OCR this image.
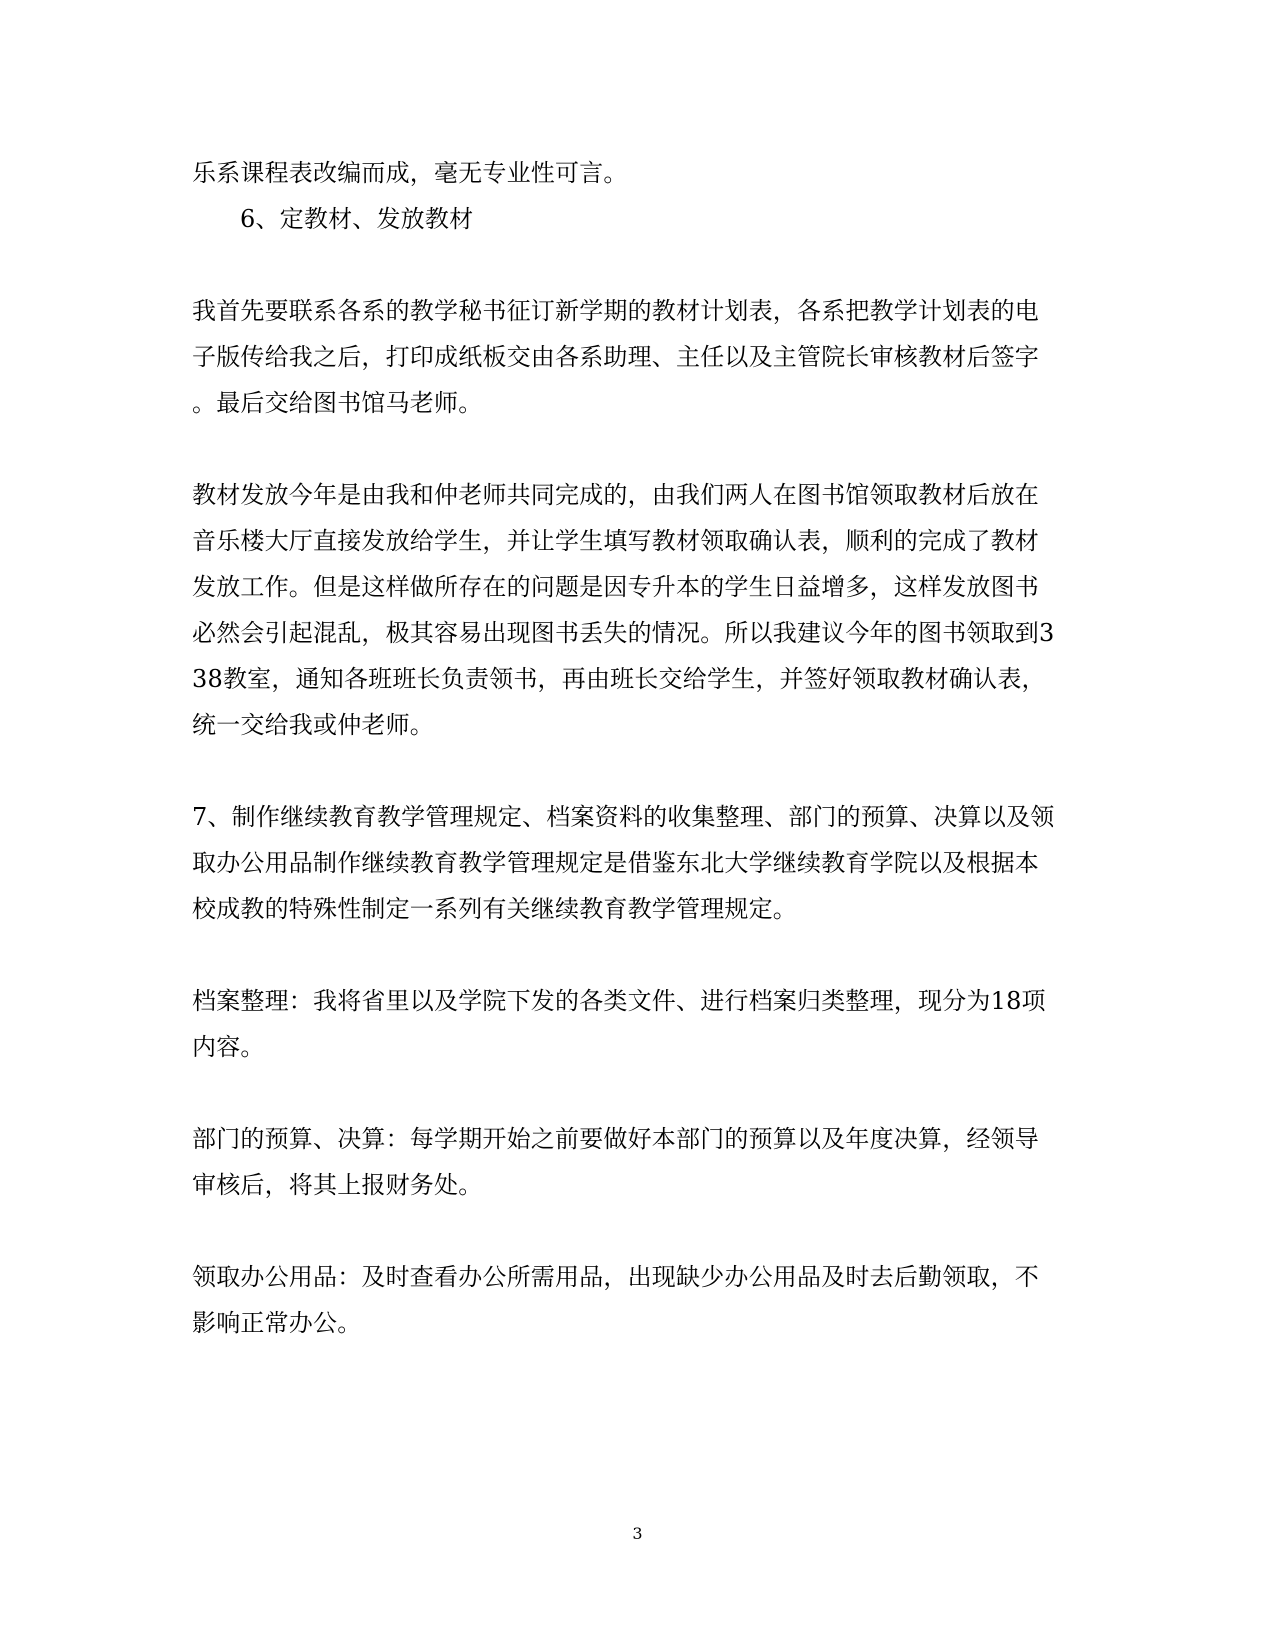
乐系课程表改编而成，毫无专业性可言。
6、定教材、发放教材
我首先要联系各系的教学秘书征订新学期的教材计划表，各系把教学计划表的电
子版传给我之后，打印成纸板交由各系助理、主任以及主管院长审核教材后签字
。最后交给图书馆马老师。
教材发放今年是由我和仲老师共同完成的，由我们两人在图书馆领取教材后放在
音乐楼大厅直接发放给学生，并让学生填写教材领取确认表，顺利的完成了教材
发放工作。但是这样做所存在的问题是因专升本的学生日益增多，这样发放图书
必然会引起混乱，极其容易出现图书丢失的情况。所以我建议今年的图书领取到3
38教室，通知各班班长负责领书，再由班长交给学生，并签好领取教材确认表，
统一交给我或仲老师。
7、制作继续教育教学管理规定、档案资料的收集整理、部门的预算、决算以及领
取办公用品制作继续教育教学管理规定是借鉴东北大学继续教育学院以及根据本
校成教的特殊性制定一系列有关继续教育教学管理规定。
档案整理：我将省里以及学院下发的各类文件、进行档案归类整理，现分为18项
内容。
部门的预算、决算：每学期开始之前要做好本部门的预算以及年度决算，经领导
审核后，将其上报财务处。
领取办公用品：及时查看办公所需用品，出现缺少办公用品及时去后勤领取，不
影响正常办公。
3
